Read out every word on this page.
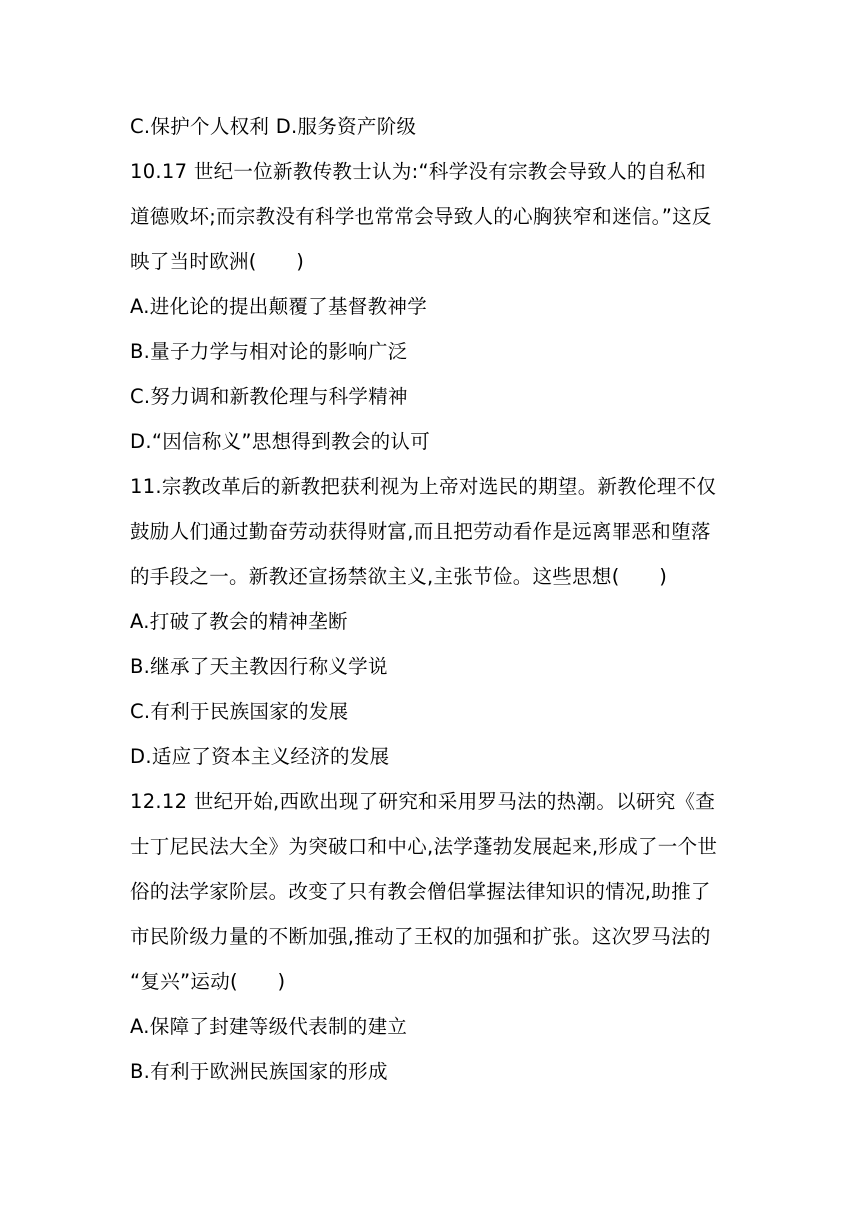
C.保护个人权利 D.服务资产阶级
10.17 世纪一位新教传教士认为:“科学没有宗教会导致人的自私和
道德败坏;而宗教没有科学也常常会导致人的心胸狭窄和迷信。”这反
映了当时欧洲(　　)
A.进化论的提出颠覆了基督教神学
B.量子力学与相对论的影响广泛
C.努力调和新教伦理与科学精神
D.“因信称义”思想得到教会的认可
11.宗教改革后的新教把获利视为上帝对选民的期望。新教伦理不仅
鼓励人们通过勤奋劳动获得财富,而且把劳动看作是远离罪恶和堕落
的手段之一。新教还宣扬禁欲主义,主张节俭。这些思想(　　)
A.打破了教会的精神垄断
B.继承了天主教因行称义学说
C.有利于民族国家的发展
D.适应了资本主义经济的发展
12.12 世纪开始,西欧出现了研究和采用罗马法的热潮。以研究《查
士丁尼民法大全》为突破口和中心,法学蓬勃发展起来,形成了一个世
俗的法学家阶层。改变了只有教会僧侣掌握法律知识的情况,助推了
市民阶级力量的不断加强,推动了王权的加强和扩张。这次罗马法的
“复兴”运动(　　)
A.保障了封建等级代表制的建立
B.有利于欧洲民族国家的形成
